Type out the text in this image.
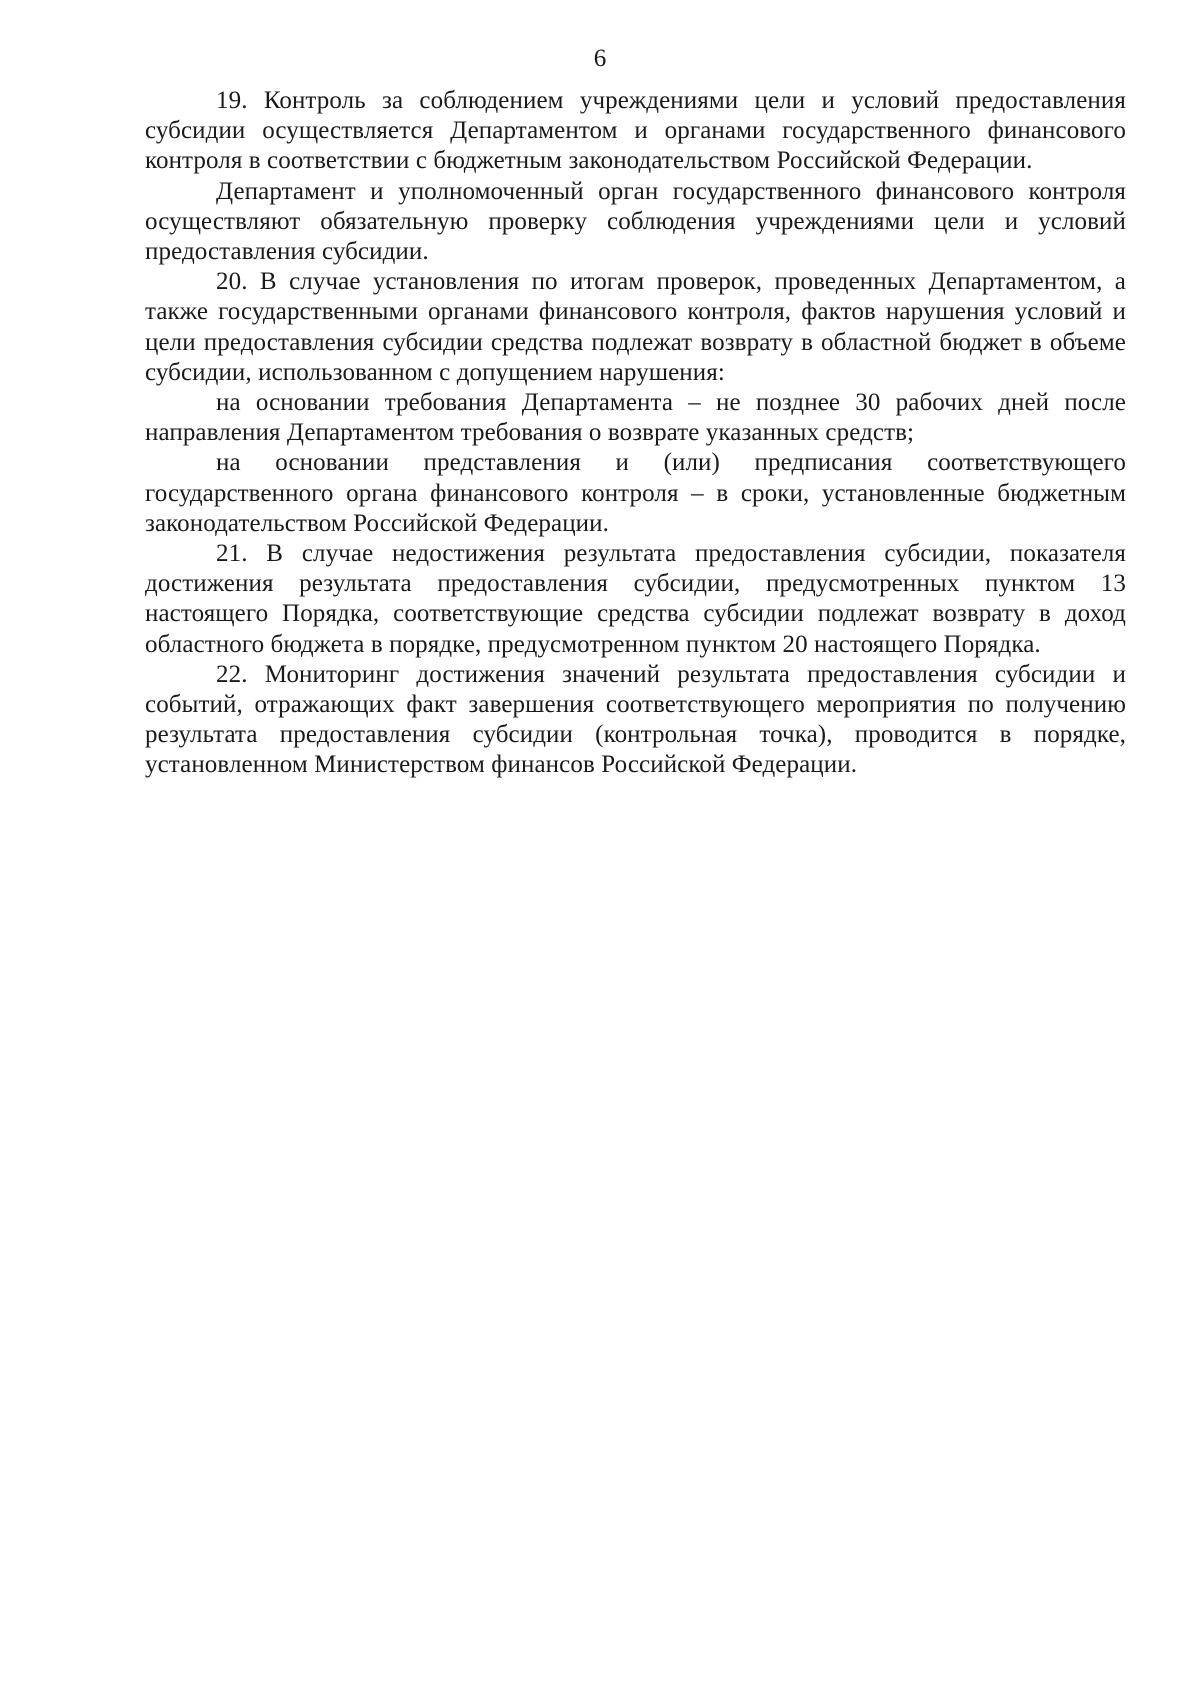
6

19. Контроль за соблюдением учреждениями цели и условий предоставления субсидии осуществляется Департаментом и органами государственного финансового контроля в соответствии с бюджетным законодательством Российской Федерации.

Департамент и уполномоченный орган государственного финансового контроля осуществляют обязательную проверку соблюдения учреждениями цели и условий предоставления субсидии.

20. В случае установления по итогам проверок, проведенных Департаментом, а также государственными органами финансового контроля, фактов нарушения условий и цели предоставления субсидии средства подлежат возврату в областной бюджет в объеме субсидии, использованном с допущением нарушения:

на основании требования Департамента – не позднее 30 рабочих дней после направления Департаментом требования о возврате указанных средств;

на основании представления и (или) предписания соответствующего государственного органа финансового контроля – в сроки, установленные бюджетным законодательством Российской Федерации.

21. В случае недостижения результата предоставления субсидии, показателя достижения результата предоставления субсидии, предусмотренных пунктом 13 настоящего Порядка, соответствующие средства субсидии подлежат возврату в доход областного бюджета в порядке, предусмотренном пунктом 20 настоящего Порядка.

22. Мониторинг достижения значений результата предоставления субсидии и событий, отражающих факт завершения соответствующего мероприятия по получению результата предоставления субсидии (контрольная точка), проводится в порядке, установленном Министерством финансов Российской Федерации.
